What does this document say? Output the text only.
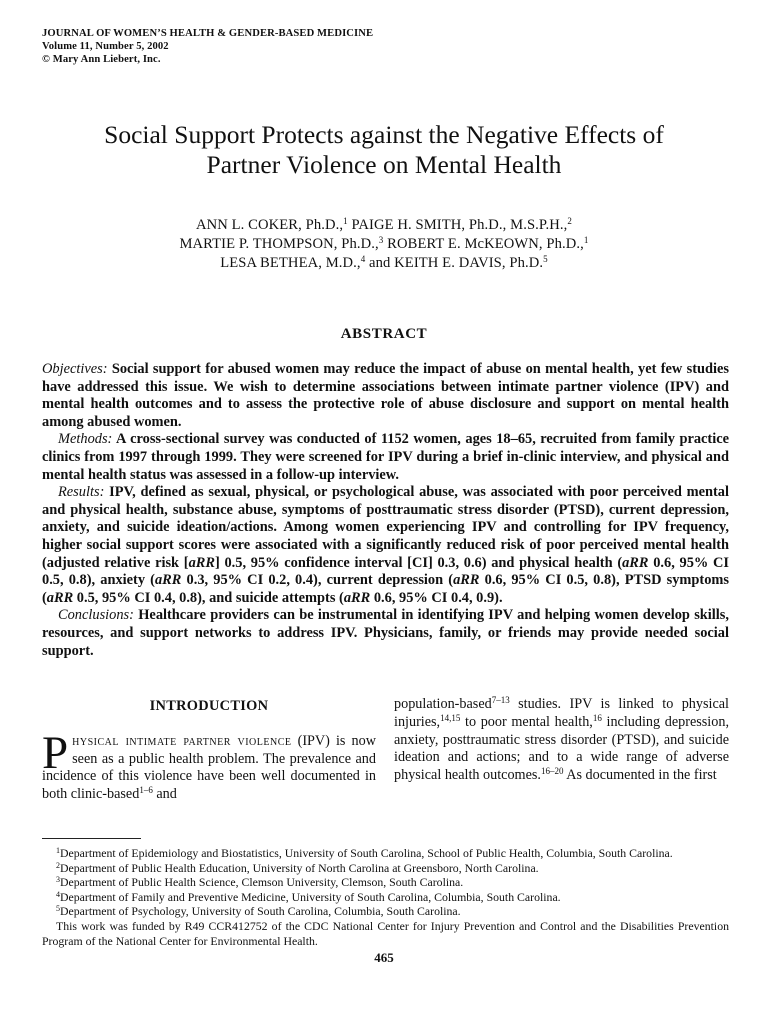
JOURNAL OF WOMEN’S HEALTH & GENDER-BASED MEDICINE
Volume 11, Number 5, 2002
© Mary Ann Liebert, Inc.
Social Support Protects against the Negative Effects of
Partner Violence on Mental Health
ANN L. COKER, Ph.D.,$^1$ PAIGE H. SMITH, Ph.D., M.S.P.H.,$^2$
MARTIE P. THOMPSON, Ph.D.,$^3$ ROBERT E. McKEOWN, Ph.D.,$^1$
LESA BETHEA, M.D.,$^4$ and KEITH E. DAVIS, Ph.D.$^5$
ABSTRACT

Objectives: Social support for abused women may reduce the impact of abuse on mental health, yet few studies have addressed this issue. We wish to determine associations between intimate partner violence (IPV) and mental health outcomes and to assess the protective role of abuse disclosure and support on mental health among abused women.

Methods: A cross-sectional survey was conducted of 1152 women, ages 18–65, recruited from family practice clinics from 1997 through 1999. They were screened for IPV during a brief in-clinic interview, and physical and mental health status was assessed in a follow-up interview.

Results: IPV, defined as sexual, physical, or psychological abuse, was associated with poor perceived mental and physical health, substance abuse, symptoms of posttraumatic stress disorder (PTSD), current depression, anxiety, and suicide ideation/actions. Among women experiencing IPV and controlling for IPV frequency, higher social support scores were associated with a significantly reduced risk of poor perceived mental health (adjusted relative risk [aRR] 0.5, 95% confidence interval [CI] 0.3, 0.6) and physical health (aRR 0.6, 95% CI 0.5, 0.8), anxiety (aRR 0.3, 95% CI 0.2, 0.4), current depression (aRR 0.6, 95% CI 0.5, 0.8), PTSD symptoms (aRR 0.5, 95% CI 0.4, 0.8), and suicide attempts (aRR 0.6, 95% CI 0.4, 0.9).

Conclusions: Healthcare providers can be instrumental in identifying IPV and helping women develop skills, resources, and support networks to address IPV. Physicians, family, or friends may provide needed social support.

INTRODUCTION

Physical intimate partner violence (IPV) is now seen as a public health problem. The prevalence and incidence of this violence have been well documented in both clinic-based$^{1-6}$ and

population-based$^{7-13}$ studies. IPV is linked to physical injuries,$^{14,15}$ to poor mental health,$^{16}$ including depression, anxiety, posttraumatic stress disorder (PTSD), and suicide ideation and actions; and to a wide range of adverse physical health outcomes.$^{16-20}$ As documented in the first

$^1$Department of Epidemiology and Biostatistics, University of South Carolina, School of Public Health, Columbia, South Carolina.

$^2$Department of Public Health Education, University of North Carolina at Greensboro, North Carolina.

$^3$Department of Public Health Science, Clemson University, Clemson, South Carolina.

$^4$Department of Family and Preventive Medicine, University of South Carolina, Columbia, South Carolina.

$^5$Department of Psychology, University of South Carolina, Columbia, South Carolina.

This work was funded by R49 CCR412752 of the CDC National Center for Injury Prevention and Control and the Disabilities Prevention Program of the National Center for Environmental Health.

465
